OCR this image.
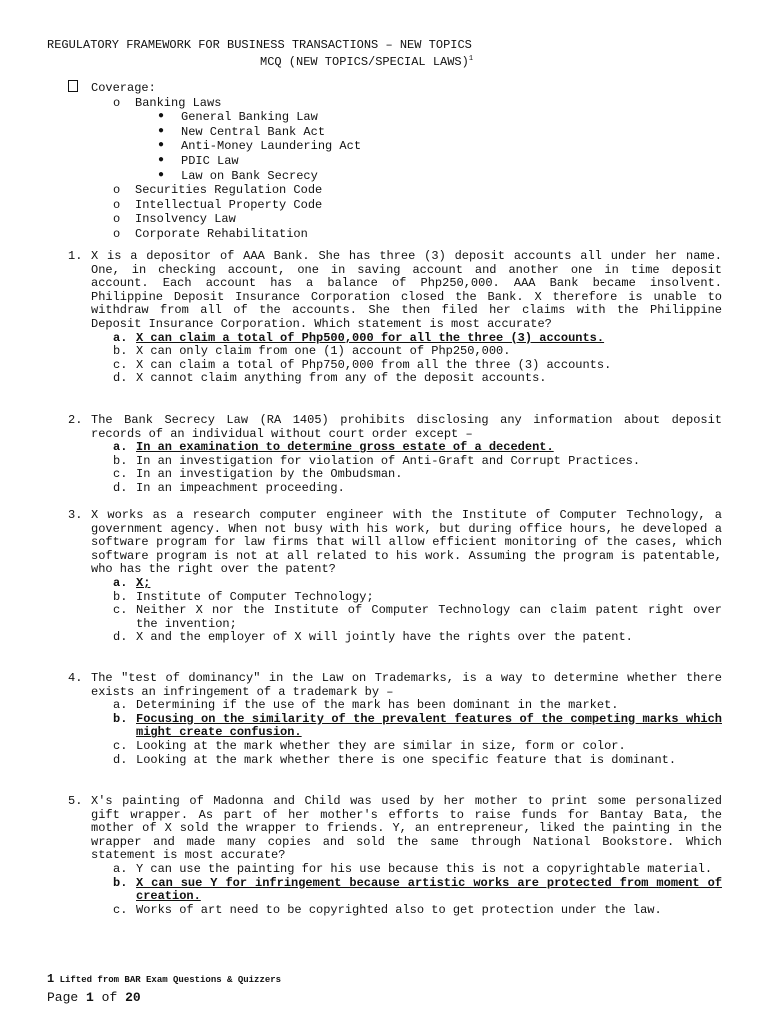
REGULATORY FRAMEWORK FOR BUSINESS TRANSACTIONS – NEW TOPICS
MCQ (NEW TOPICS/SPECIAL LAWS)$^1$
Coverage:
o Banking Laws
● General Banking Law
● New Central Bank Act
● Anti-Money Laundering Act
● PDIC Law
● Law on Bank Secrecy
o Securities Regulation Code
o Intellectual Property Code
o Insolvency Law
o Corporate Rehabilitation
1. X is a depositor of AAA Bank. She has three (3) deposit accounts all under her name. One, in checking account, one in saving account and another one in time deposit account. Each account has a balance of Php250,000. AAA Bank became insolvent. Philippine Deposit Insurance Corporation closed the Bank. X therefore is unable to withdraw from all of the accounts. She then filed her claims with the Philippine Deposit Insurance Corporation. Which statement is most accurate?
a. X can claim a total of Php500,000 for all the three (3) accounts.
b. X can only claim from one (1) account of Php250,000.
c. X can claim a total of Php750,000 from all the three (3) accounts.
d. X cannot claim anything from any of the deposit accounts.
2. The Bank Secrecy Law (RA 1405) prohibits disclosing any information about deposit records of an individual without court order except –
a. In an examination to determine gross estate of a decedent.
b. In an investigation for violation of Anti-Graft and Corrupt Practices.
c. In an investigation by the Ombudsman.
d. In an impeachment proceeding.
3. X works as a research computer engineer with the Institute of Computer Technology, a government agency. When not busy with his work, but during office hours, he developed a software program for law firms that will allow efficient monitoring of the cases, which software program is not at all related to his work. Assuming the program is patentable, who has the right over the patent?
a. X;
b. Institute of Computer Technology;
c. Neither X nor the Institute of Computer Technology can claim patent right over the invention;
d. X and the employer of X will jointly have the rights over the patent.
4. The "test of dominancy" in the Law on Trademarks, is a way to determine whether there exists an infringement of a trademark by –
a. Determining if the use of the mark has been dominant in the market.
b. Focusing on the similarity of the prevalent features of the competing marks which might create confusion.
c. Looking at the mark whether they are similar in size, form or color.
d. Looking at the mark whether there is one specific feature that is dominant.
5. X's painting of Madonna and Child was used by her mother to print some personalized gift wrapper. As part of her mother's efforts to raise funds for Bantay Bata, the mother of X sold the wrapper to friends. Y, an entrepreneur, liked the painting in the wrapper and made many copies and sold the same through National Bookstore. Which statement is most accurate?
a. Y can use the painting for his use because this is not a copyrightable material.
b. X can sue Y for infringement because artistic works are protected from moment of creation.
c. Works of art need to be copyrighted also to get protection under the law.
1 Lifted from BAR Exam Questions & Quizzers
Page 1 of 20
